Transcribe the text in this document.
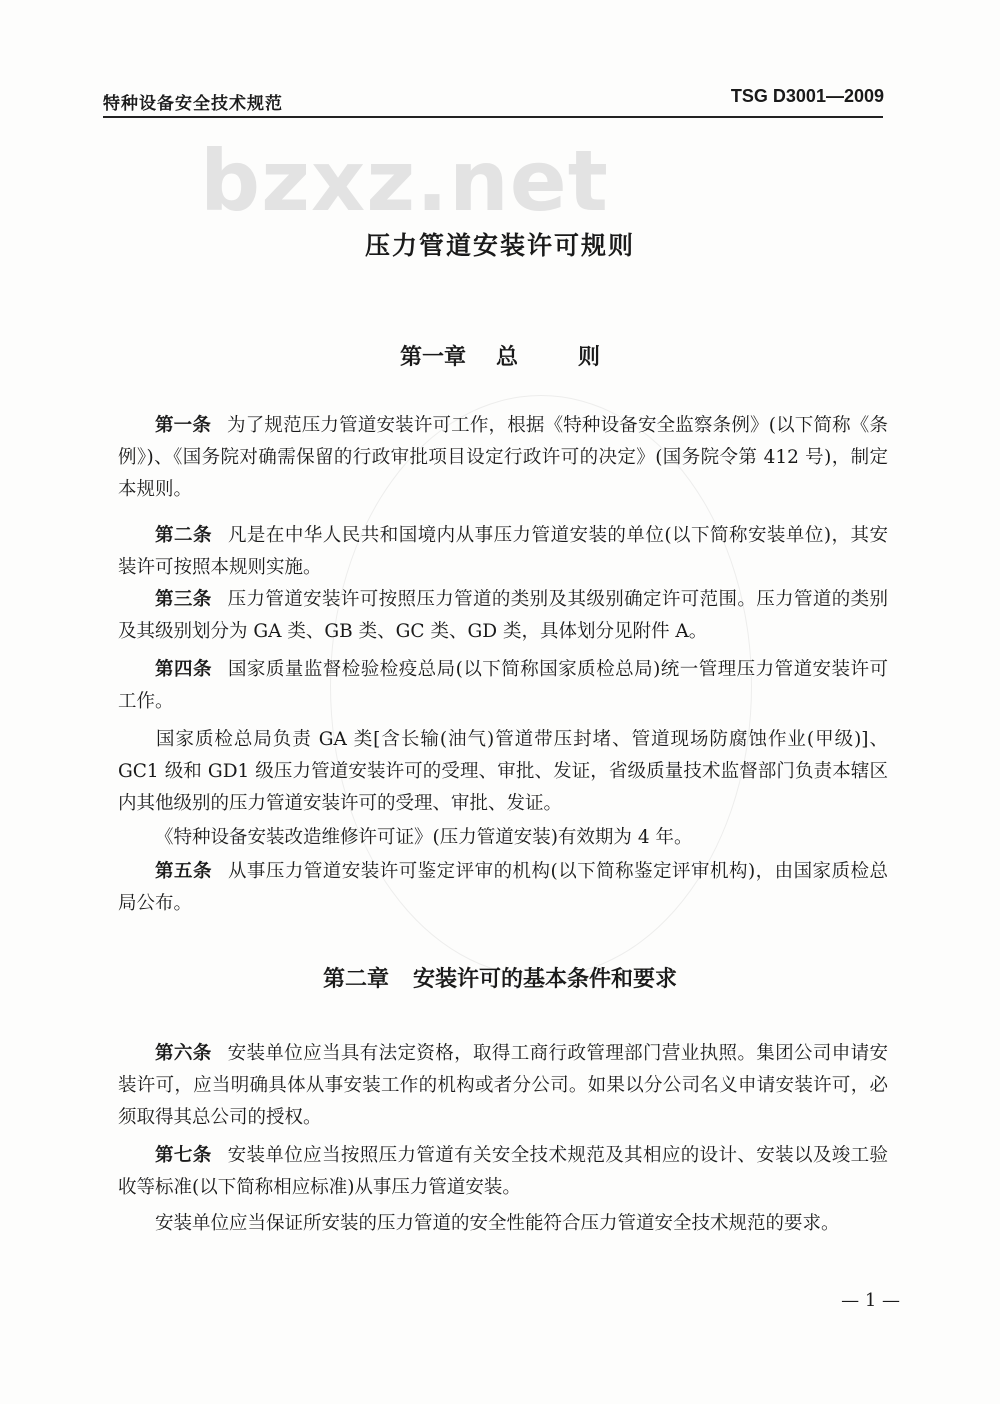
特种设备安全技术规范	TSG D3001—2009
bzxz.net
压力管道安装许可规则
第一章 总	则
第一条 为了规范压力管道安装许可工作，根据《特种设备安全监察条例》(以下简称《条例》)、《国务院对确需保留的行政审批项目设定行政许可的决定》(国务院令第 412 号)，制定本规则。
第二条 凡是在中华人民共和国境内从事压力管道安装的单位(以下简称安装单位)，其安装许可按照本规则实施。
第三条 压力管道安装许可按照压力管道的类别及其级别确定许可范围。压力管道的类别及其级别划分为 GA 类、GB 类、GC 类、GD 类，具体划分见附件 A。
第四条 国家质量监督检验检疫总局(以下简称国家质检总局)统一管理压力管道安装许可工作。
国家质检总局负责 GA 类[含长输(油气)管道带压封堵、管道现场防腐蚀作业(甲级)]、GC1 级和 GD1 级压力管道安装许可的受理、审批、发证，省级质量技术监督部门负责本辖区内其他级别的压力管道安装许可的受理、审批、发证。
《特种设备安装改造维修许可证》(压力管道安装)有效期为 4 年。
第五条 从事压力管道安装许可鉴定评审的机构(以下简称鉴定评审机构)，由国家质检总局公布。
第二章 安装许可的基本条件和要求
第六条 安装单位应当具有法定资格，取得工商行政管理部门营业执照。集团公司申请安装许可，应当明确具体从事安装工作的机构或者分公司。如果以分公司名义申请安装许可，必须取得其总公司的授权。
第七条 安装单位应当按照压力管道有关安全技术规范及其相应的设计、安装以及竣工验收等标准(以下简称相应标准)从事压力管道安装。
安装单位应当保证所安装的压力管道的安全性能符合压力管道安全技术规范的要求。
— 1 —
